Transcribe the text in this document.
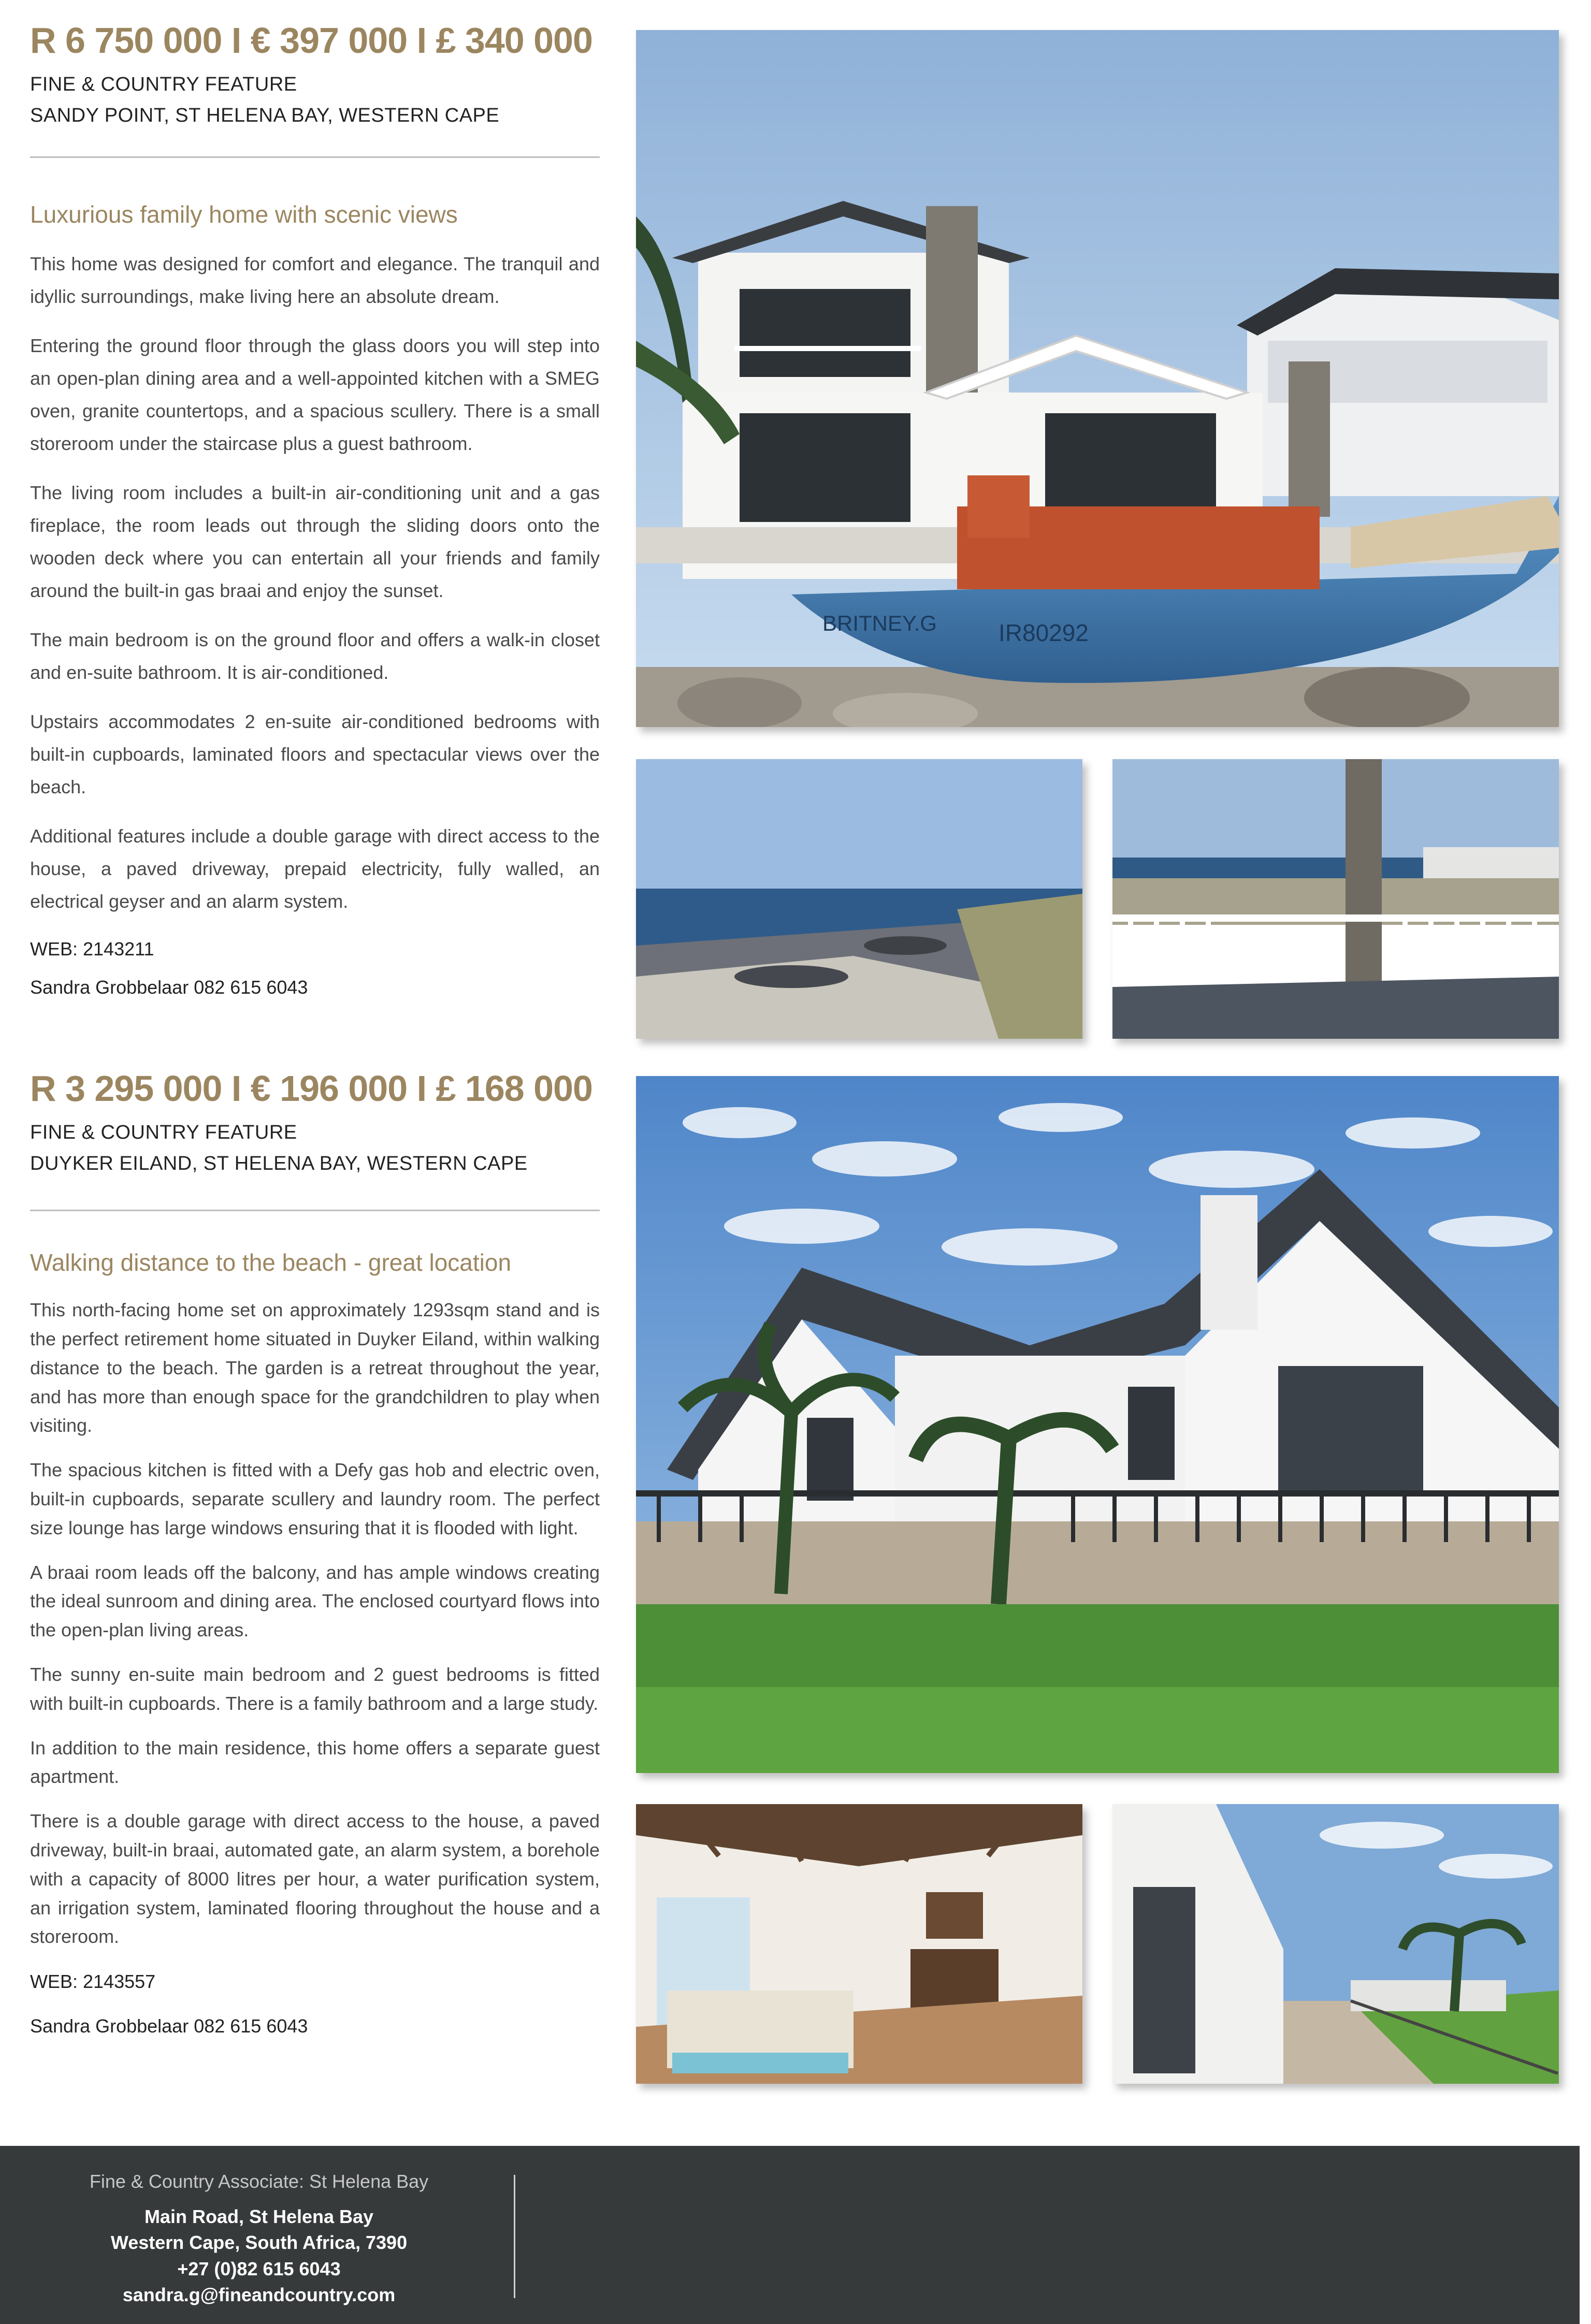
R 6 750 000 I € 397 000 I £ 340 000

FINE & COUNTRY FEATURE

SANDY POINT, ST HELENA BAY, WESTERN CAPE

Luxurious family home with scenic views

This home was designed for comfort and elegance. The tranquil and idyllic surroundings, make living here an absolute dream.

Entering the ground floor through the glass doors you will step into an open-plan dining area and a well-appointed kitchen with a SMEG oven, granite countertops, and a spacious scullery. There is a small storeroom under the staircase plus a guest bathroom.

The living room includes a built-in air-conditioning unit and a gas fireplace, the room leads out through the sliding doors onto the wooden deck where you can entertain all your friends and family around the built-in gas braai and enjoy the sunset.

The main bedroom is on the ground floor and offers a walk-in closet and en-suite bathroom. It is air-conditioned.

Upstairs accommodates 2 en-suite air-conditioned bedrooms with built-in cupboards, laminated floors and spectacular views over the beach.

Additional features include a double garage with direct access to the house, a paved driveway, prepaid electricity, fully walled, an electrical geyser and an alarm system.

WEB: 2143211

Sandra Grobbelaar 082 615 6043

BRITNEY.G	IR80292

R 3 295 000 I € 196 000 I £ 168 000

FINE & COUNTRY FEATURE

DUYKER EILAND, ST HELENA BAY, WESTERN CAPE

Walking distance to the beach - great location

This north-facing home set on approximately 1293sqm stand and is the perfect retirement home situated in Duyker Eiland, within walking distance to the beach. The garden is a retreat throughout the year, and has more than enough space for the grandchildren to play when visiting.

The spacious kitchen is fitted with a Defy gas hob and electric oven, built-in cupboards, separate scullery and laundry room. The perfect size lounge has large windows ensuring that it is flooded with light.

A braai room leads off the balcony, and has ample windows creating the ideal sunroom and dining area. The enclosed courtyard flows into the open-plan living areas.

The sunny en-suite main bedroom and 2 guest bedrooms is fitted with built-in cupboards. There is a family bathroom and a large study.

In addition to the main residence, this home offers a separate guest apartment.

There is a double garage with direct access to the house, a paved driveway, built-in braai, automated gate, an alarm system, a borehole with a capacity of 8000 litres per hour, a water purification system, an irrigation system, laminated flooring throughout the house and a storeroom.

WEB: 2143557

Sandra Grobbelaar 082 615 6043

Fine & Country Associate: St Helena Bay

Main Road, St Helena Bay

Western Cape, South Africa, 7390

+27 (0)82 615 6043

sandra.g@fineandcountry.com
